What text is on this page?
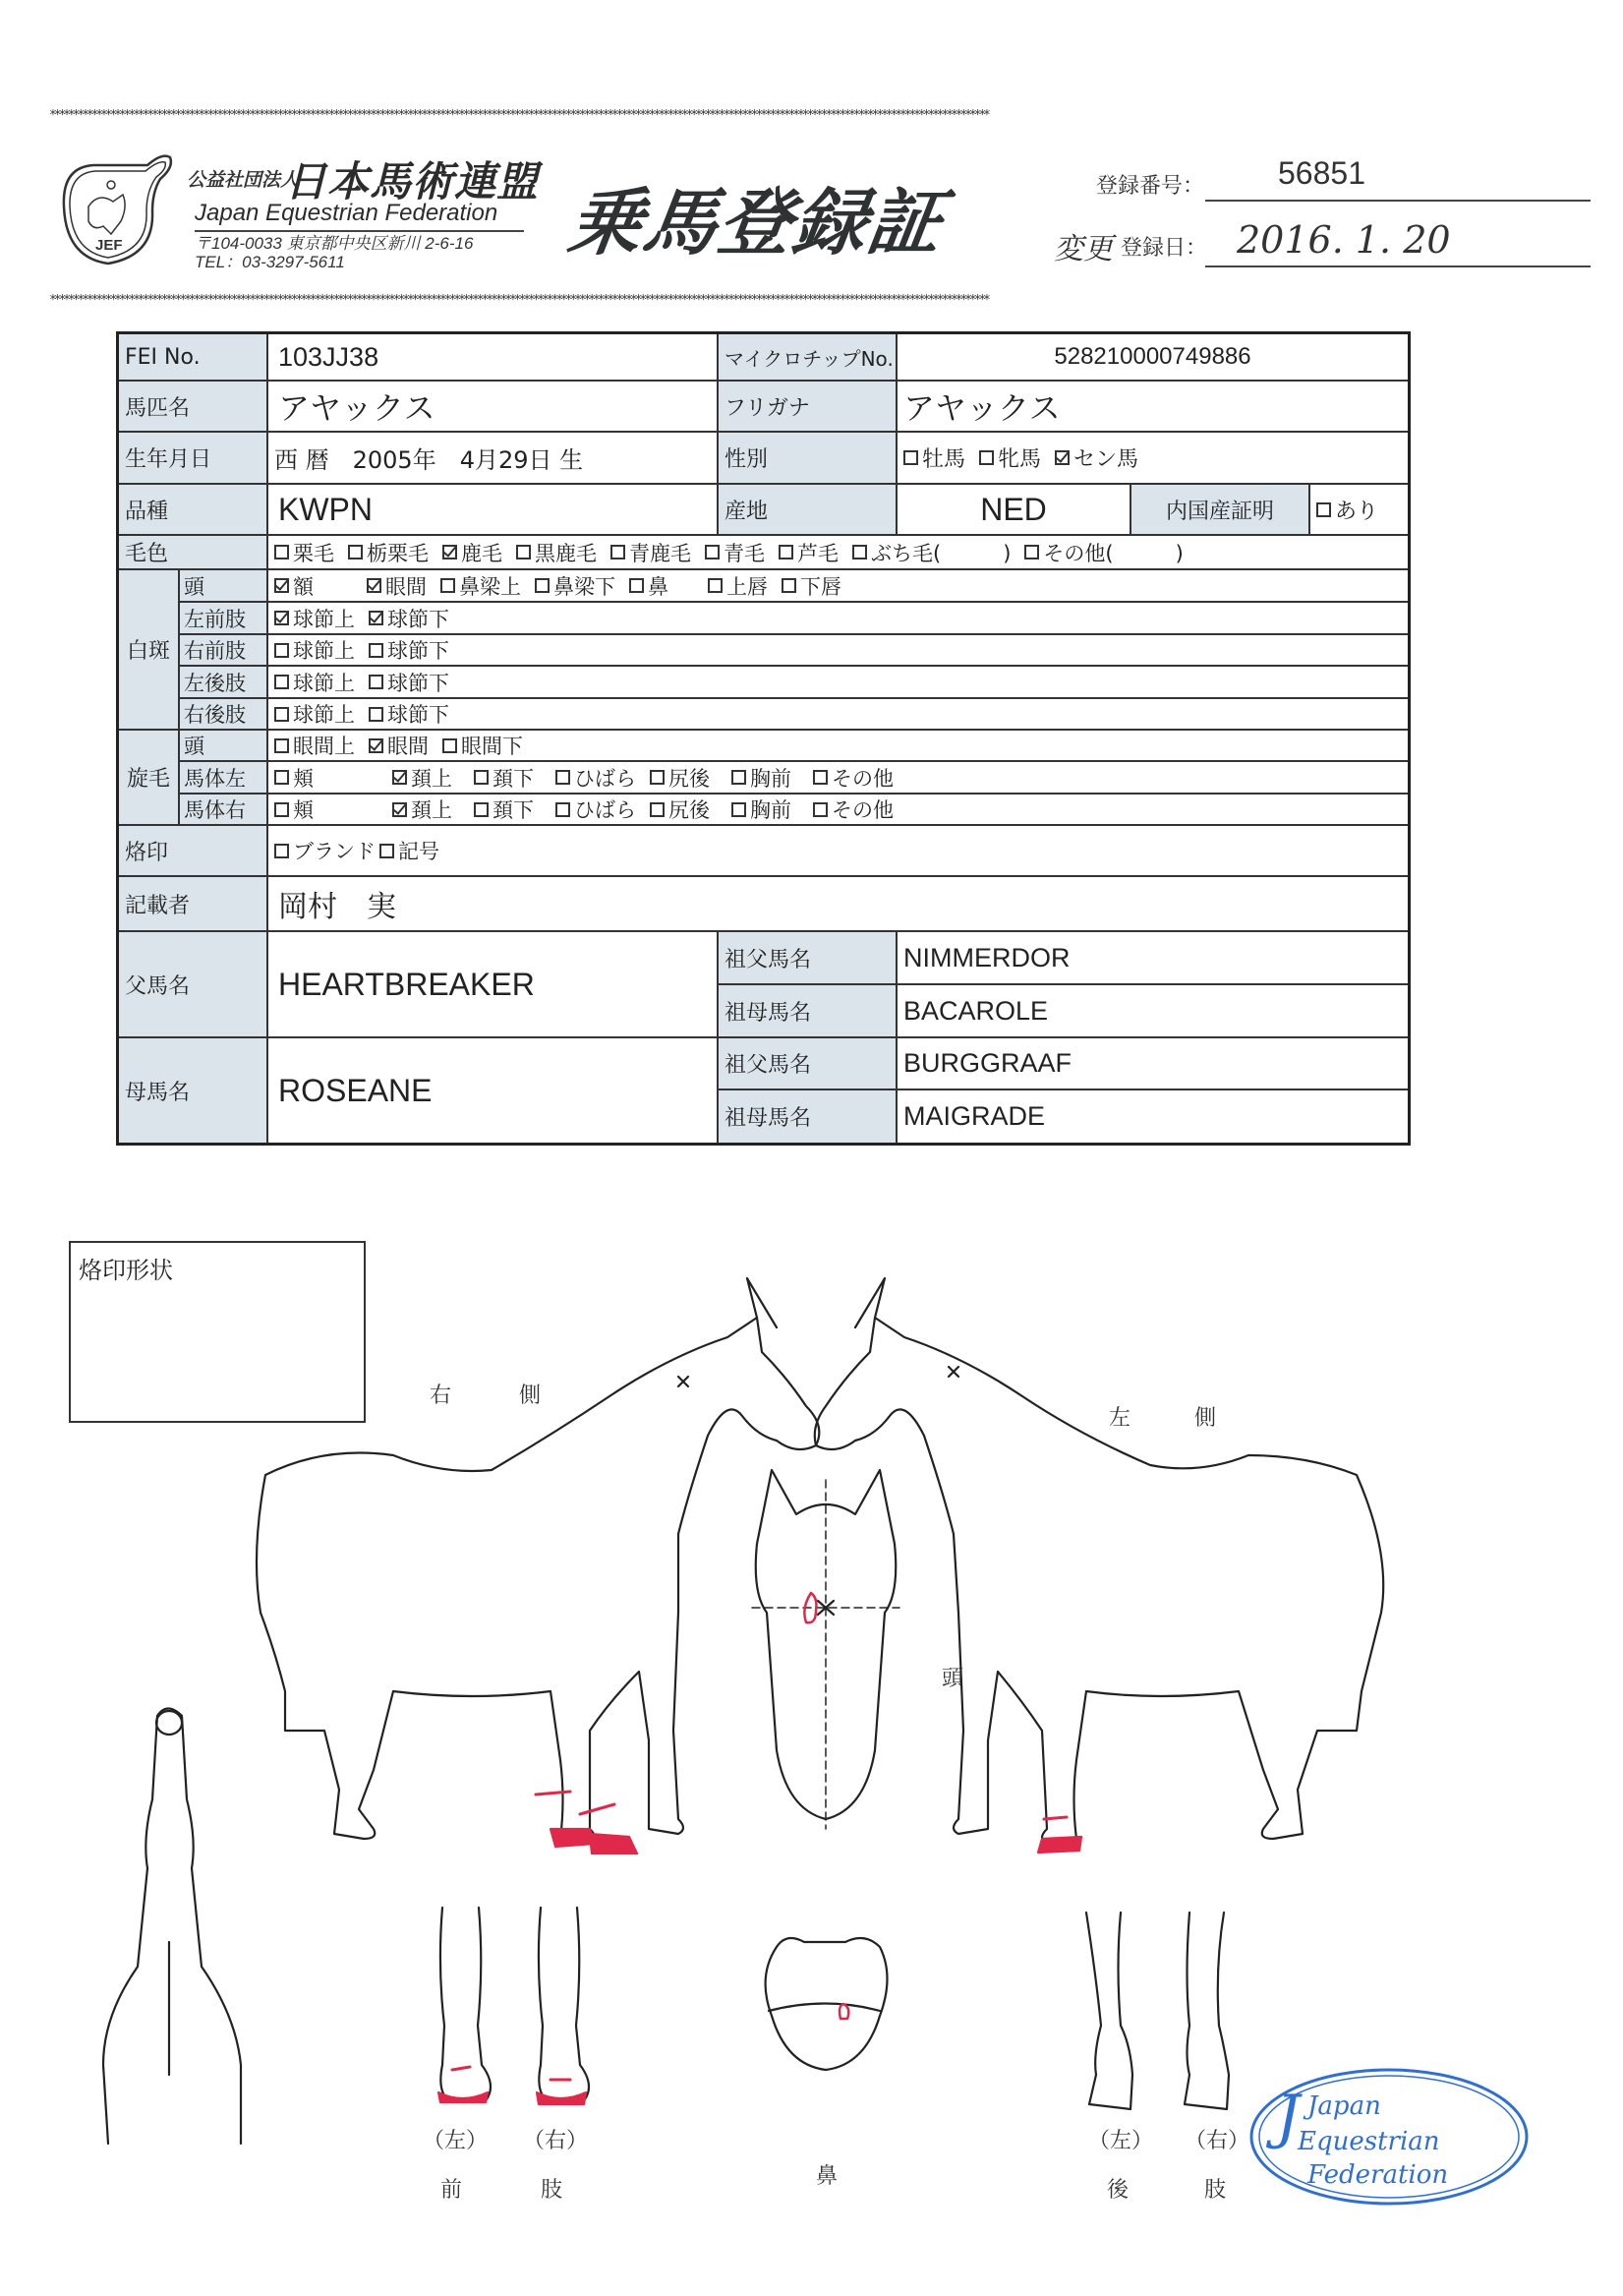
**********************************************************************************************************************************************************************************************************
JEF
公益社団法人
日本馬術連盟
Japan Equestrian Federation
〒104-0033 東京都中央区新川 2-6-16
TEL：03-3297-5611	乗馬登録証	登録番号： 56851
変更 登録日： 2016. 1. 20
**********************************************************************************************************************************************************************************************************
FEI No.	103JJ38	マイクロチップNo.	528210000749886
馬匹名	アヤックス	フリガナ	アヤックス
生年月日	西 暦　2005年　4月29日 生	性別	牡馬 牝馬 セン馬
品種	KWPN	産地	NED	内国産証明	あり
毛色	栗毛 栃栗毛 鹿毛 黒鹿毛 青鹿毛 青毛 芦毛 ぶち毛(　　　) その他(　　　)
白斑
頭	額	眼間 鼻梁上 鼻梁下 鼻	上唇 下唇
左前肢	球節上 球節下
右前肢	球節上 球節下
左後肢	球節上 球節下
右後肢	球節上 球節下
旋毛
頭	眼間上 眼間 眼間下
馬体左	頬	頚上 頚下 ひばら 尻後 胸前 その他
馬体右	頬	頚上 頚下 ひばら 尻後 胸前 その他
烙印	ブランド 記号
記載者	岡村　実
父馬名	HEARTBREAKER
祖父馬名	NIMMERDOR
祖母馬名	BACAROLE
母馬名	ROSEANE
祖父馬名	BURGGRAAF
祖母馬名	MAIGRADE
烙印形状
右	側
左	側
頭
鼻
（左） （右）
前	肢
（左） （右）
後	肢
J Japan
Equestrian
Federation
